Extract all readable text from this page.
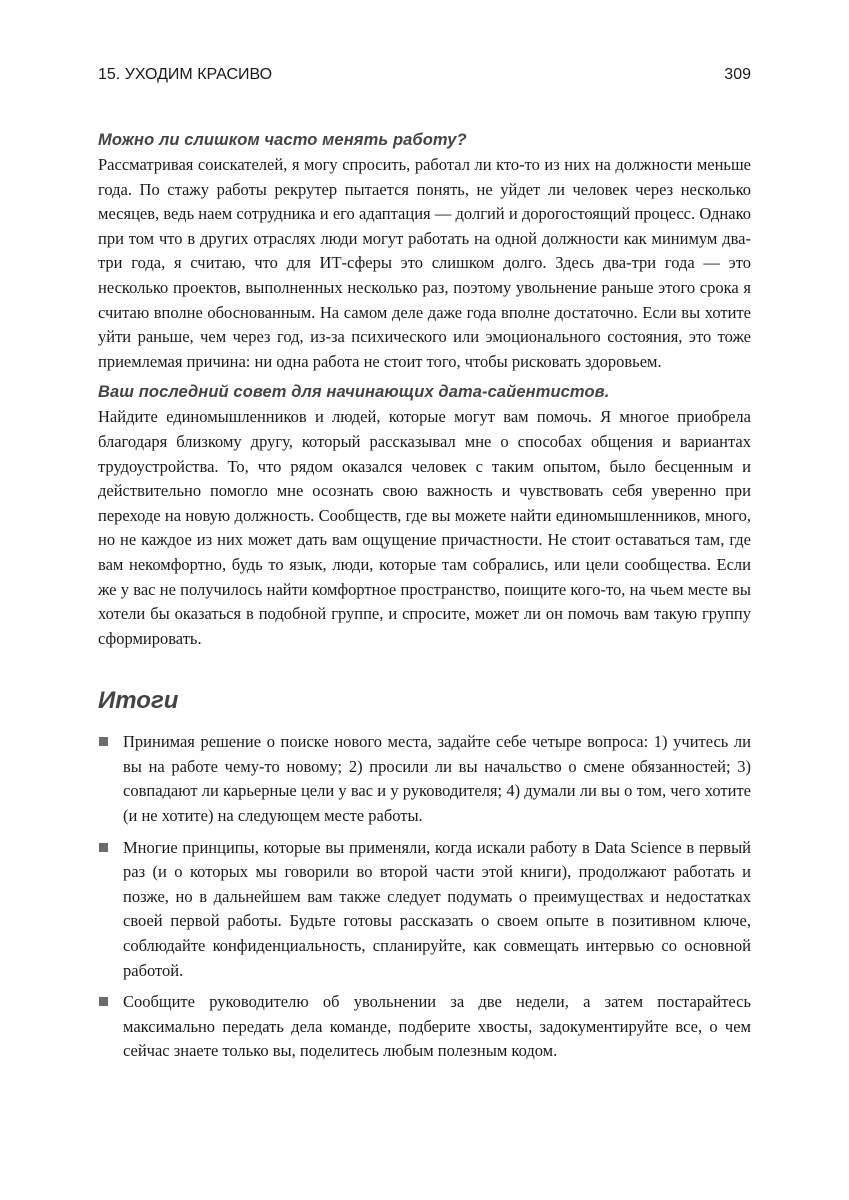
15. УХОДИМ КРАСИВО	309

Можно ли слишком часто менять работу?

Рассматривая соискателей, я могу спросить, работал ли кто-то из них на должности меньше года. По стажу работы рекрутер пытается понять, не уйдет ли человек через несколько месяцев, ведь наем сотрудника и его адаптация — долгий и дорогостоящий процесс. Однако при том что в других отраслях люди могут работать на одной должности как минимум два-три года, я считаю, что для ИТ-сферы это слишком долго. Здесь два-три года — это несколько проектов, выполненных несколько раз, поэтому увольнение раньше этого срока я считаю вполне обоснованным. На самом деле даже года вполне достаточно. Если вы хотите уйти раньше, чем через год, из-за психического или эмоционального состояния, это тоже приемлемая причина: ни одна работа не стоит того, чтобы рисковать здоровьем.

Ваш последний совет для начинающих дата-сайентистов.

Найдите единомышленников и людей, которые могут вам помочь. Я многое приобрела благодаря близкому другу, который рассказывал мне о способах общения и вариантах трудоустройства. То, что рядом оказался человек с таким опытом, было бесценным и действительно помогло мне осознать свою важность и чувствовать себя уверенно при переходе на новую должность. Сообществ, где вы можете найти единомышленников, много, но не каждое из них может дать вам ощущение причастности. Не стоит оставаться там, где вам некомфортно, будь то язык, люди, которые там собрались, или цели сообщества. Если же у вас не получилось найти комфортное пространство, поищите кого-то, на чьем месте вы хотели бы оказаться в подобной группе, и спросите, может ли он помочь вам такую группу сформировать.

Итоги

Принимая решение о поиске нового места, задайте себе четыре вопроса: 1) учитесь ли вы на работе чему-то новому; 2) просили ли вы начальство о смене обязанностей; 3) совпадают ли карьерные цели у вас и у руководителя; 4) думали ли вы о том, чего хотите (и не хотите) на следующем месте работы.

Многие принципы, которые вы применяли, когда искали работу в Data Science в первый раз (и о которых мы говорили во второй части этой книги), продолжают работать и позже, но в дальнейшем вам также следует подумать о преимуществах и недостатках своей первой работы. Будьте готовы рассказать о своем опыте в позитивном ключе, соблюдайте конфиденциальность, спланируйте, как совмещать интервью со основной работой.

Сообщите руководителю об увольнении за две недели, а затем постарайтесь максимально передать дела команде, подберите хвосты, задокументируйте все, о чем сейчас знаете только вы, поделитесь любым полезным кодом.
